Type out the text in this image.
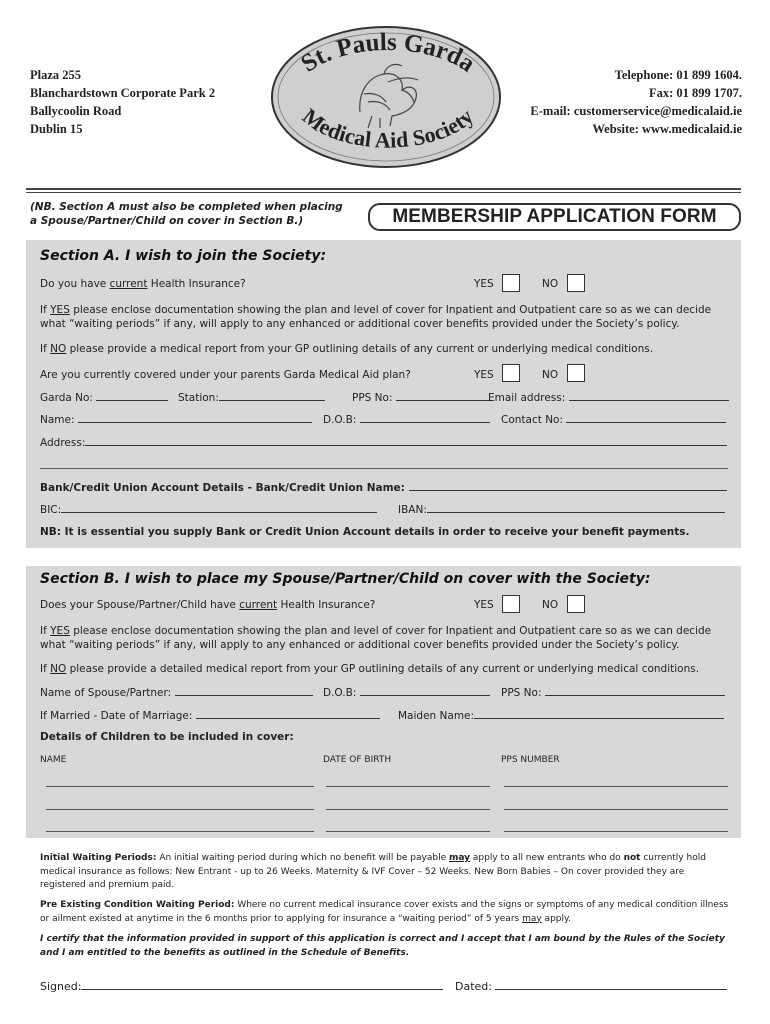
Plaza 255
Blanchardstown Corporate Park 2
Ballycoolin Road
Dublin 15
St. Pauls Garda
Medical Aid Society
Telephone: 01 899 1604.
Fax: 01 899 1707.
E-mail: customerservice@medicalaid.ie
Website: www.medicalaid.ie
(NB. Section A must also be completed when placing a Spouse/Partner/Child on cover in Section B.)	MEMBERSHIP APPLICATION FORM
Section A. I wish to join the Society:
Do you have current Health Insurance?	YES	NO
If YES please enclose documentation showing the plan and level of cover for Inpatient and Outpatient care so as we can decide what “waiting periods” if any, will apply to any enhanced or additional cover benefits provided under the Society’s policy.
If NO please provide a medical report from your GP outlining details of any current or underlying medical conditions.
Are you currently covered under your parents Garda Medical Aid plan?	YES	NO
Garda No:	Station:	PPS No:	Email address:
Name:	D.O.B:	Contact No:
Address:
Bank/Credit Union Account Details - Bank/Credit Union Name:
BIC:	IBAN:
NB: It is essential you supply Bank or Credit Union Account details in order to receive your benefit payments.
Section B. I wish to place my Spouse/Partner/Child on cover with the Society:
Does your Spouse/Partner/Child have current Health Insurance?	YES	NO
If YES please enclose documentation showing the plan and level of cover for Inpatient and Outpatient care so as we can decide what “waiting periods” if any, will apply to any enhanced or additional cover benefits provided under the Society’s policy.
If NO please provide a detailed medical report from your GP outlining details of any current or underlying medical conditions.
Name of Spouse/Partner:	D.O.B:	PPS No:
If Married - Date of Marriage:	Maiden Name:
Details of Children to be included in cover:
NAME	DATE OF BIRTH	PPS NUMBER
Initial Waiting Periods: An initial waiting period during which no benefit will be payable may apply to all new entrants who do not currently hold medical insurance as follows: New Entrant - up to 26 Weeks. Maternity & IVF Cover – 52 Weeks. New Born Babies – On cover provided they are registered and premium paid.
Pre Existing Condition Waiting Period: Where no current medical insurance cover exists and the signs or symptoms of any medical condition illness or ailment existed at anytime in the 6 months prior to applying for insurance a “waiting period” of 5 years may apply.
I certify that the information provided in support of this application is correct and I accept that I am bound by the Rules of the Society and I am entitled to the benefits as outlined in the Schedule of Benefits.
Signed:	Dated:
